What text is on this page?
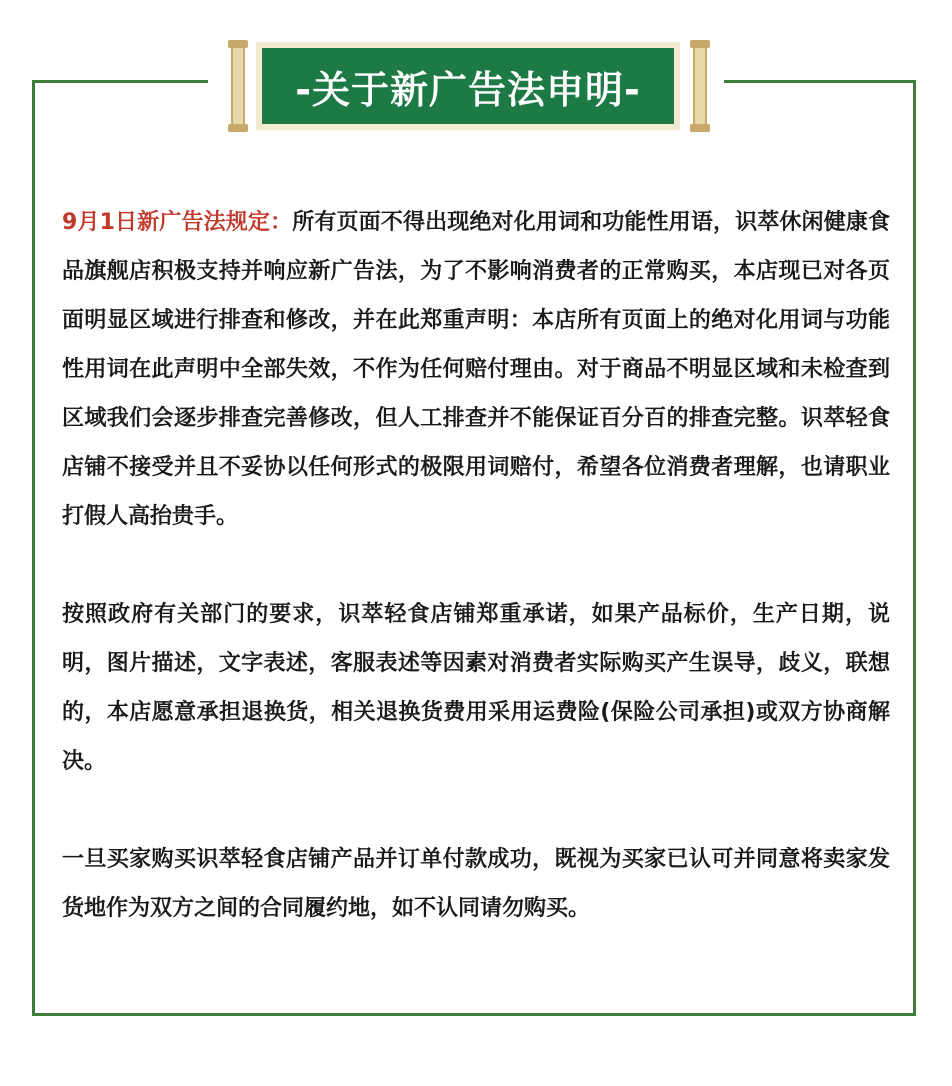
-关于新广告法申明-

9月1日新广告法规定：所有页面不得出现绝对化用词和功能性用语，识萃休闲健康食品旗舰店积极支持并响应新广告法，为了不影响消费者的正常购买，本店现已对各页面明显区域进行排查和修改，并在此郑重声明：本店所有页面上的绝对化用词与功能性用词在此声明中全部失效，不作为任何赔付理由。对于商品不明显区域和未检查到区域我们会逐步排查完善修改，但人工排查并不能保证百分百的排查完整。识萃轻食店铺不接受并且不妥协以任何形式的极限用词赔付，希望各位消费者理解，也请职业打假人高抬贵手。

按照政府有关部门的要求，识萃轻食店铺郑重承诺，如果产品标价，生产日期，说明，图片描述，文字表述，客服表述等因素对消费者实际购买产生误导，歧义，联想的，本店愿意承担退换货，相关退换货费用采用运费险(保险公司承担)或双方协商解决。

一旦买家购买识萃轻食店铺产品并订单付款成功，既视为买家已认可并同意将卖家发货地作为双方之间的合同履约地，如不认同请勿购买。
